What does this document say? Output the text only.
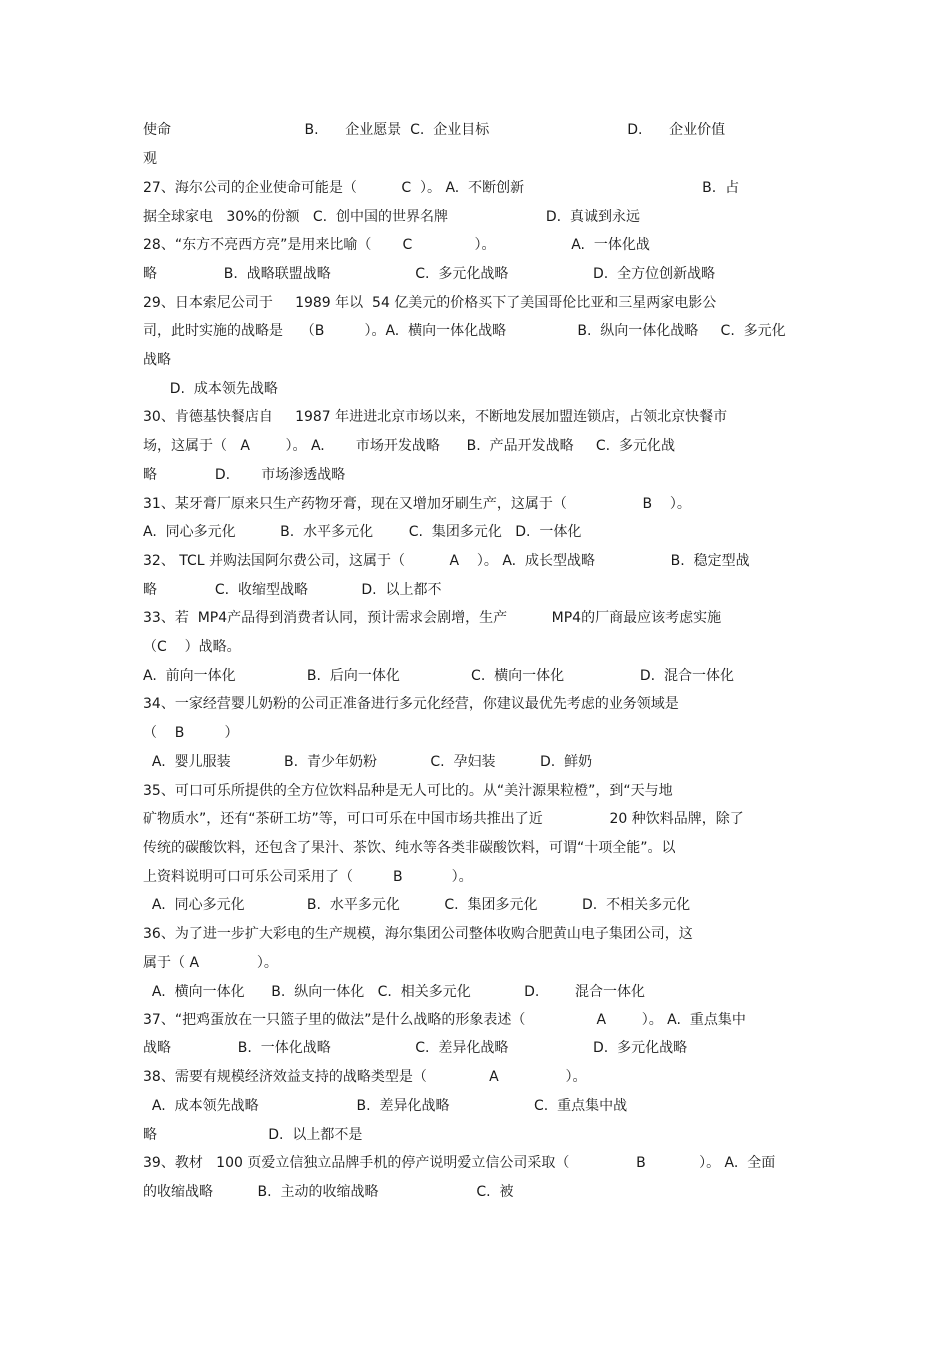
使命                              B.      企业愿景  C.  企业目标                               D.      企业价值
观
27、海尔公司的企业使命可能是（          C  ）。 A.  不断创新                                        B.  占
据全球家电   30%的份额   C.  创中国的世界名牌                      D.  真诚到永远
28、“东方不亮西方亮”是用来比喻（       C              ）。                 A.  一体化战
略               B.  战略联盟战略                   C.  多元化战略                   D.  全方位创新战略
29、日本索尼公司于     1989 年以  54 亿美元的价格买下了美国哥伦比亚和三星两家电影公
司，此时实施的战略是    （B         ）。A.  横向一体化战略                B.  纵向一体化战略     C.  多元化
战略
D.  成本领先战略
30、肯德基快餐店自     1987 年进进北京市场以来，不断地发展加盟连锁店，占领北京快餐市
场，这属于（   A        ）。 A.       市场开发战略      B.  产品开发战略     C.  多元化战
略             D.       市场渗透战略
31、某牙膏厂原来只生产药物牙膏，现在又增加牙刷生产，这属于（                 B    ）。
A.  同心多元化          B.  水平多元化        C.  集团多元化   D.  一体化
32、 TCL 并购法国阿尔费公司，这属于（          A    ）。 A.  成长型战略                 B.  稳定型战
略             C.  收缩型战略            D.  以上都不
33、若  MP4产品得到消费者认同，预计需求会剧增，生产          MP4的厂商最应该考虑实施
（C    ）战略。
A.  前向一体化                B.  后向一体化                C.  横向一体化                 D.  混合一体化
34、一家经营婴儿奶粉的公司正准备进行多元化经营，你建议最优先考虑的业务领域是
（    B         ）
A.  婴儿服装            B.  青少年奶粉            C.  孕妇装          D.  鲜奶
35、可口可乐所提供的全方位饮料品种是无人可比的。从“美汁源果粒橙”，到“天与地
矿物质水”，还有“茶研工坊”等，可口可乐在中国市场共推出了近               20 种饮料品牌，除了
传统的碳酸饮料，还包含了果汁、茶饮、纯水等各类非碳酸饮料，可谓“十项全能”。以
上资料说明可口可乐公司采用了（         B           ）。
A.  同心多元化              B.  水平多元化          C.  集团多元化          D.  不相关多元化
36、为了进一步扩大彩电的生产规模，海尔集团公司整体收购合肥黄山电子集团公司，这
属于（ A             ）。
A.  横向一体化      B.  纵向一体化   C.  相关多元化            D.        混合一体化
37、“把鸡蛋放在一只篮子里的做法”是什么战略的形象表述（                A        ）。 A.  重点集中
战略               B.  一体化战略                   C.  差异化战略                   D.  多元化战略
38、需要有规模经济效益支持的战略类型是（              A               ）。
A.  成本领先战略                      B.  差异化战略                   C.  重点集中战
略                         D.  以上都不是
39、教材   100 页爱立信独立品牌手机的停产说明爱立信公司采取（               B            ）。 A.  全面
的收缩战略          B.  主动的收缩战略                      C.  被
